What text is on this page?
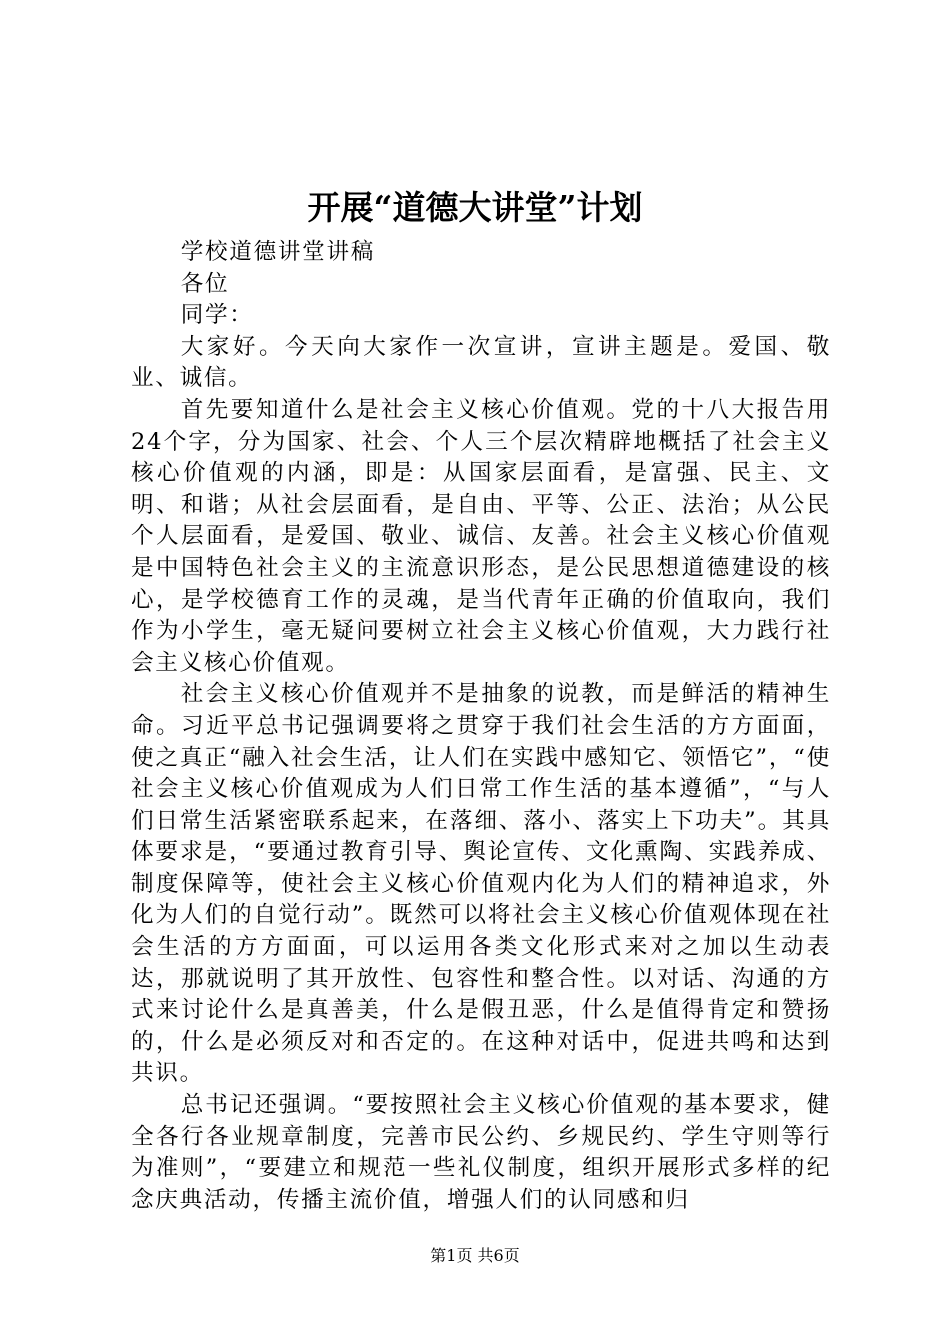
开展“道德大讲堂”计划

学校道德讲堂讲稿

各位

同学：

大家好。今天向大家作一次宣讲，宣讲主题是。爱国、敬业、诚信。

首先要知道什么是社会主义核心价值观。党的十八大报告用24个字，分为国家、社会、个人三个层次精辟地概括了社会主义核心价值观的内涵，即是：从国家层面看，是富强、民主、文明、和谐；从社会层面看，是自由、平等、公正、法治；从公民个人层面看，是爱国、敬业、诚信、友善。社会主义核心价值观是中国特色社会主义的主流意识形态，是公民思想道德建设的核心，是学校德育工作的灵魂，是当代青年正确的价值取向，我们作为小学生，毫无疑问要树立社会主义核心价值观，大力践行社会主义核心价值观。

社会主义核心价值观并不是抽象的说教，而是鲜活的精神生命。习近平总书记强调要将之贯穿于我们社会生活的方方面面，使之真正“融入社会生活，让人们在实践中感知它、领悟它”，“使社会主义核心价值观成为人们日常工作生活的基本遵循”，“与人们日常生活紧密联系起来，在落细、落小、落实上下功夫”。其具体要求是，“要通过教育引导、舆论宣传、文化熏陶、实践养成、制度保障等，使社会主义核心价值观内化为人们的精神追求，外化为人们的自觉行动”。既然可以将社会主义核心价值观体现在社会生活的方方面面，可以运用各类文化形式来对之加以生动表达，那就说明了其开放性、包容性和整合性。以对话、沟通的方式来讨论什么是真善美，什么是假丑恶，什么是值得肯定和赞扬的，什么是必须反对和否定的。在这种对话中，促进共鸣和达到共识。

总书记还强调。“要按照社会主义核心价值观的基本要求，健全各行各业规章制度，完善市民公约、乡规民约、学生守则等行为准则”，“要建立和规范一些礼仪制度，组织开展形式多样的纪念庆典活动，传播主流价值，增强人们的认同感和归

第1页 共6页
